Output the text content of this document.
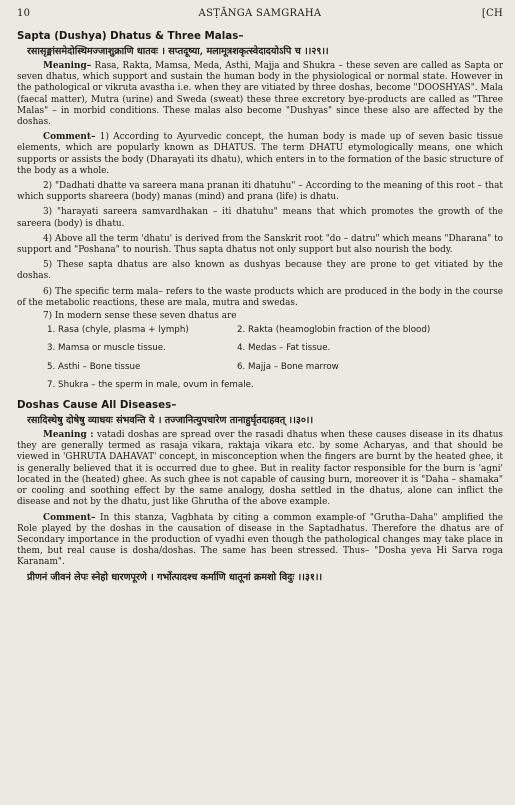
10	ASṬĀNGA SAMGRAHA	[CH
Sapta (Dushya) Dhatus & Three Malas–
रसासृङ्मांसमेदोस्थिमज्जाशुक्राणि धातवः । सप्तदूष्या, मलामूत्रशकृत्स्वेदादयोऽपि च ।।२९।।

Meaning– Rasa, Rakta, Mamsa, Meda, Asthi, Majja and Shukra – these seven are called as Sapta or seven dhatus, which support and sustain the human body in the physiological or normal state. However in the pathological or vikruta avastha i.e. when they are vitiated by three doshas, become "DOOSHYAS". Mala (faecal matter), Mutra (urine) and Sweda (sweat) these three excretory bye-products are called as "Three Malas" – in morbid conditions. These malas also become "Dushyas" since these also are affected by the doshas.

Comment– 1) According to Ayurvedic concept, the human body is made up of seven basic tissue elements, which are popularly known as DHATUS. The term DHATU etymologically means, one which supports or assists the body (Dharayati its dhatu), which enters in to the formation of the basic structure of the body as a whole.

2) "Dadhati dhatte va sareera mana pranan iti dhatuhu" – According to the meaning of this root – that which supports shareera (body) manas (mind) and prana (life) is dhatu.

3) "harayati sareera samvardhakan – iti dhatuhu" means that which promotes the growth of the sareera (body) is dhatu.

4) Above all the term 'dhatu' is derived from the Sanskrit root "do – datru" which means "Dharana" to support and "Poshana" to nourish. Thus sapta dhatus not only support but also nourish the body.

5) These sapta dhatus are also known as dushyas because they are prone to get vitiated by the doshas.

6) The specific term mala– refers to the waste products which are produced in the body in the course of the metabolic reactions, these are mala, mutra and swedas.

7) In modern sense these seven dhatus are
1. Rasa (chyle, plasma + lymph)	2. Rakta (heamoglobin fraction of the blood)
3. Mamsa or muscle tissue.	4. Medas – Fat tissue.
5. Asthi – Bone tissue	6. Majja – Bone marrow
7. Shukra – the sperm in male, ovum in female.
Doshas Cause All Diseases–
रसादिस्थेषु दोषेषु व्याधयः संभवन्ति ये । तज्जानित्युपचारेण तानाहुर्घृतदाहवत् ।।३०।।

Meaning : vatadi doshas are spread over the rasadi dhatus when these causes disease in its dhatus they are generally termed as rasaja vikara, raktaja vikara etc. by some Acharyas, and that should be viewed in 'GHRUTA DAHAVAT' concept, in misconception when the fingers are burnt by the heated ghee, it is generally believed that it is occurred due to ghee. But in reality factor responsible for the burn is 'agni' located in the (heated) ghee. As such ghee is not capable of causing burn, moreover it is "Daha – shamaka" or cooling and soothing effect by the same analogy, dosha settled in the dhatus, alone can inflict the disease and not by the dhatu, just like Ghrutha of the above example.

Comment– In this stanza, Vagbhata by citing a common example-of "Grutha–Daha" amplified the Role played by the doshas in the causation of disease in the Saptadhatus. Therefore the dhatus are of Secondary importance in the production of vyadhi even though the pathological changes may take place in them, but real cause is dosha/doshas. The same has been stressed. Thus– "Dosha yeva Hi Sarva roga Karanam".

प्रीणनं जीवनं लेपः स्नेहो धारणपूरणे । गर्भोत्पादश्च कर्माणि धातूनां क्रमशो विदुः ।।३१।।
